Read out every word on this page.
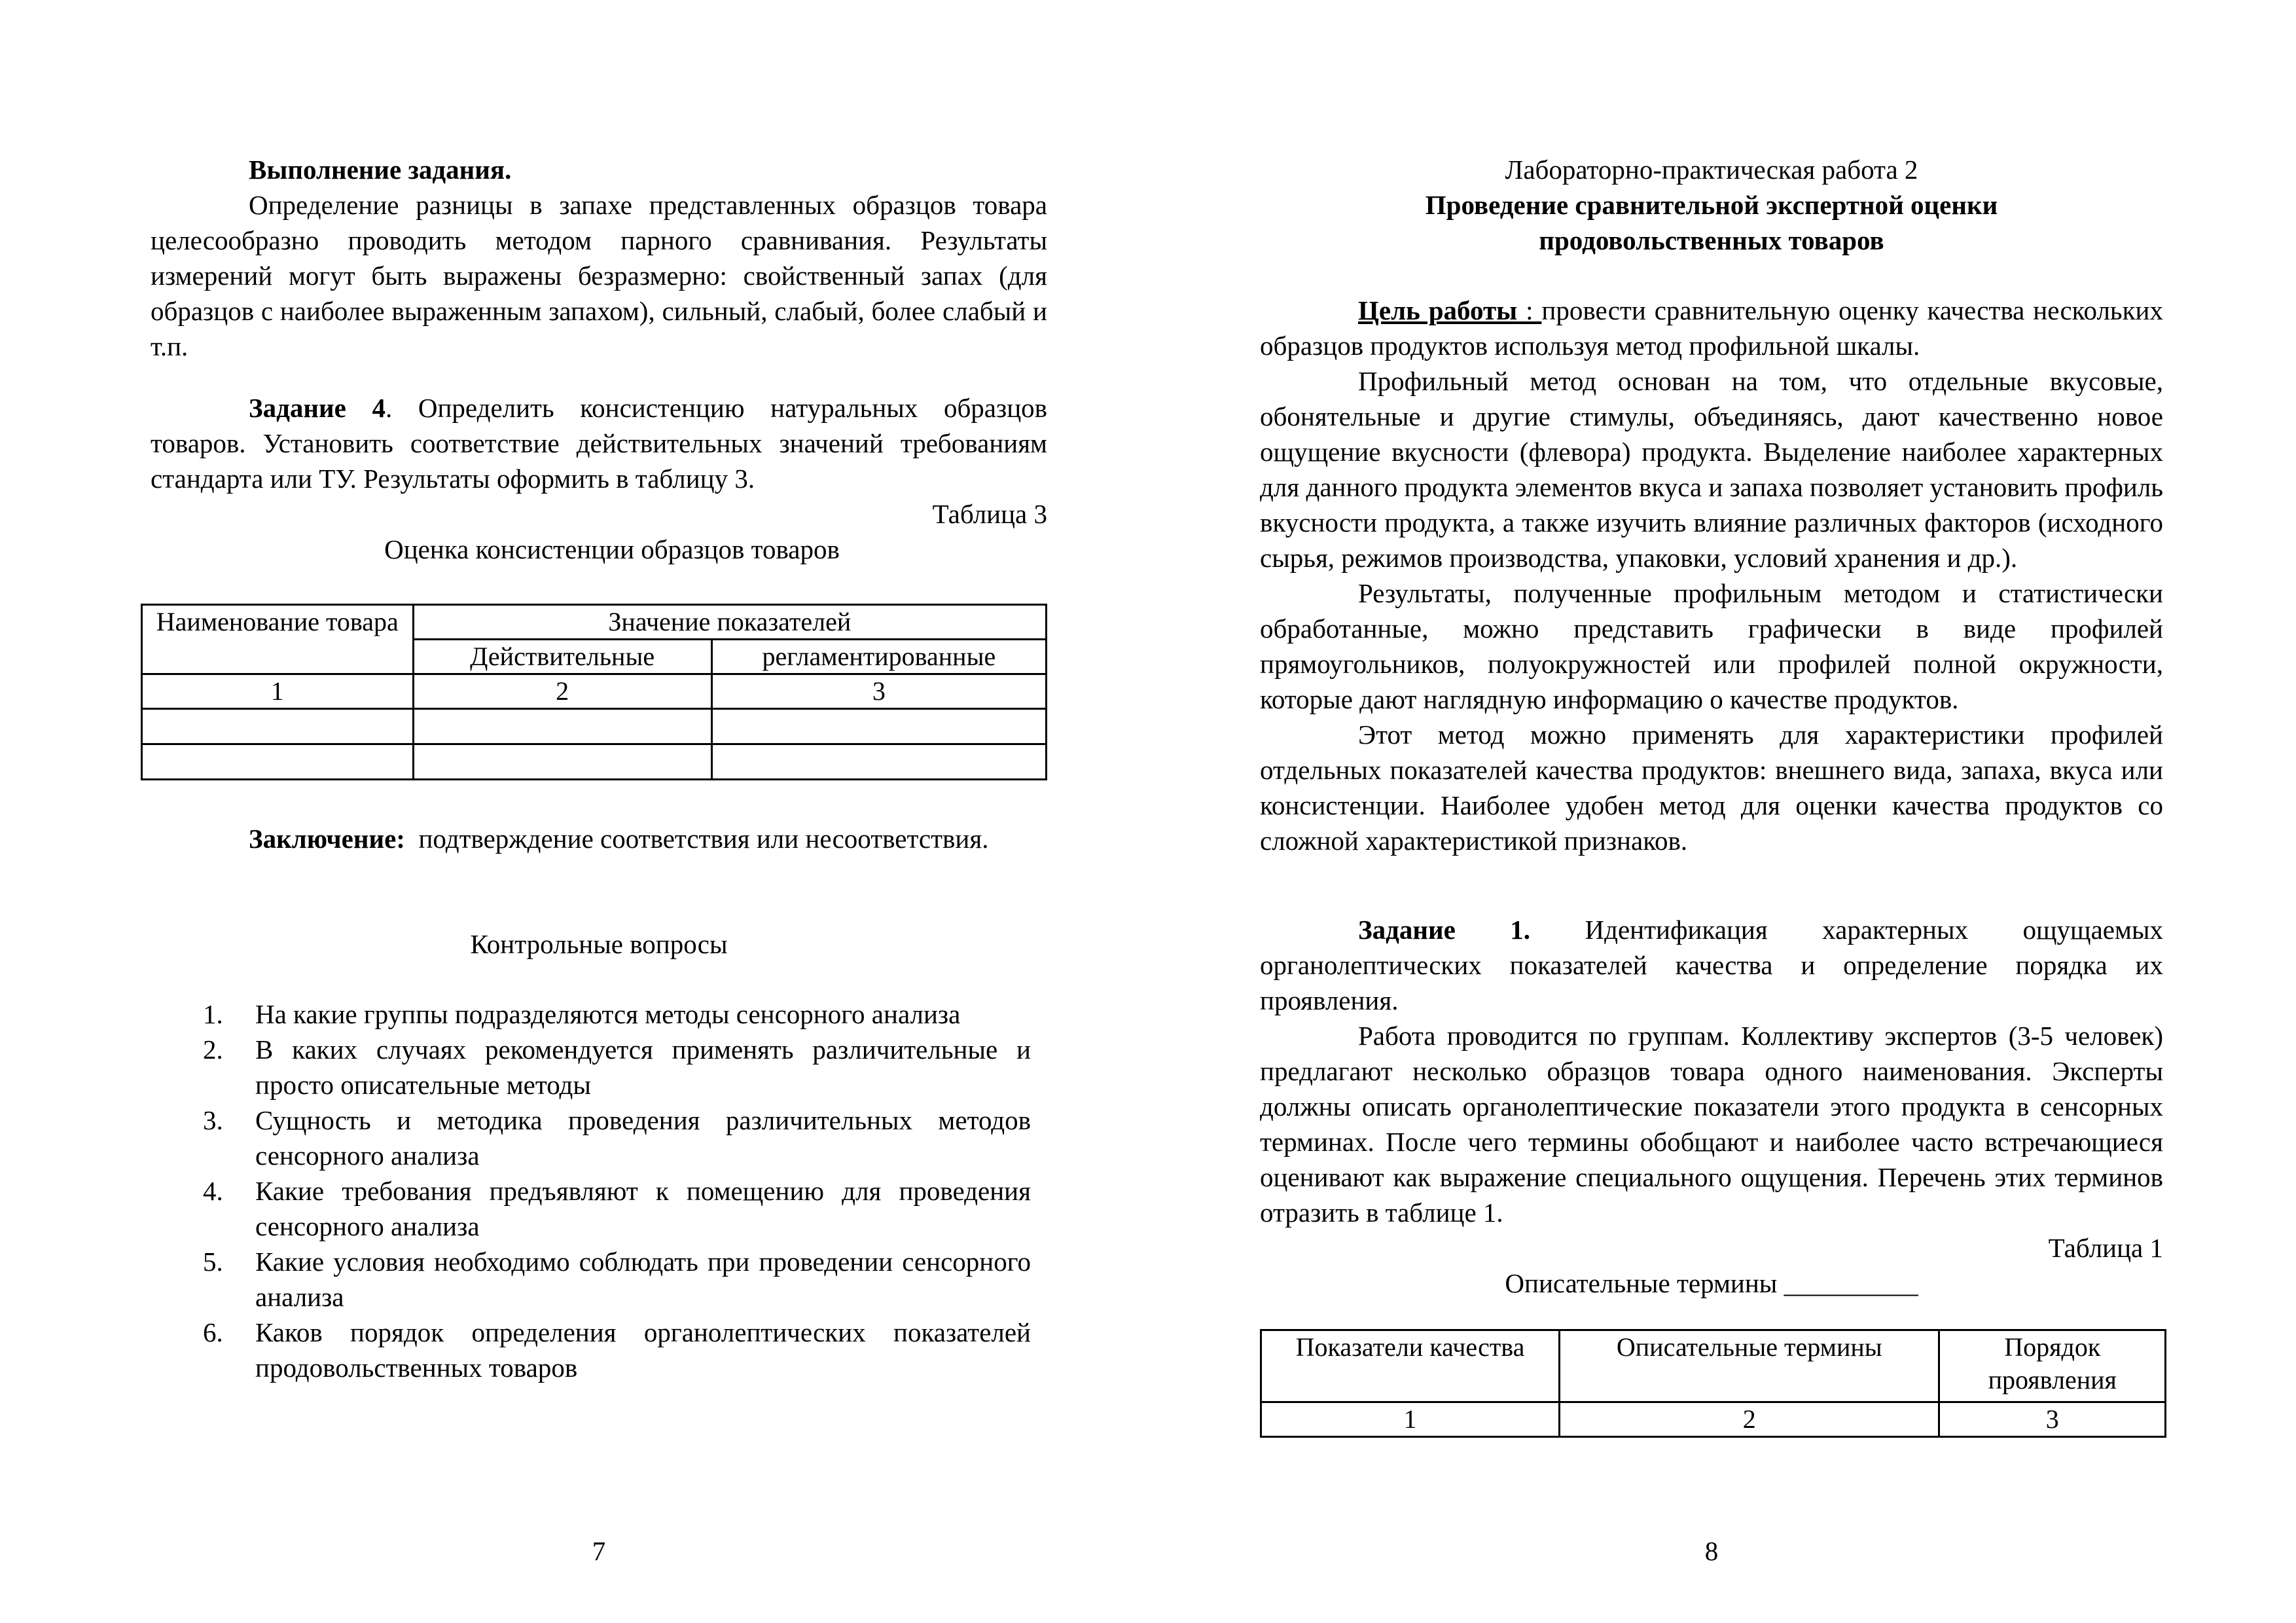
Выполнение задания.

Определение разницы в запахе представленных образцов товара целесообразно проводить методом парного сравнивания. Результаты измерений могут быть выражены безразмерно: свойственный запах (для образцов с наиболее выраженным запахом), сильный, слабый, более слабый и т.п.

Задание 4. Определить консистенцию натуральных образцов товаров. Установить соответствие действительных значений требованиям стандарта или ТУ. Результаты оформить в таблицу 3.

Таблица 3

Оценка консистенции образцов товаров

Наименование товара	Значение показателей	
	Действительные	регламентированные
1	2	3

Заключение: подтверждение соответствия или несоответствия.

Контрольные вопросы

1. На какие группы подразделяются методы сенсорного анализа
2. В каких случаях рекомендуется применять различительные и просто описательные методы
3. Сущность и методика проведения различительных методов сенсорного анализа
4. Какие требования предъявляют к помещению для проведения сенсорного анализа
5. Какие условия необходимо соблюдать при проведении сенсорного анализа
6. Каков порядок определения органолептических показателей продовольственных товаров
7

Лабораторно-практическая работа 2

Проведение сравнительной экспертной оценки

продовольственных товаров

Цель работы : провести сравнительную оценку качества нескольких образцов продуктов используя метод профильной шкалы.

Профильный метод основан на том, что отдельные вкусовые, обонятельные и другие стимулы, объединяясь, дают качественно новое ощущение вкусности (флевора) продукта. Выделение наиболее характерных для данного продукта элементов вкуса и запаха позволяет установить профиль вкусности продукта, а также изучить влияние различных факторов (исходного сырья, режимов производства, упаковки, условий хранения и др.).

Результаты, полученные профильным методом и статистически обработанные, можно представить графически в виде профилей прямоугольников, полуокружностей или профилей полной окружности, которые дают наглядную информацию о качестве продуктов.

Этот метод можно применять для характеристики профилей отдельных показателей качества продуктов: внешнего вида, запаха, вкуса или консистенции. Наиболее удобен метод для оценки качества продуктов со сложной характеристикой признаков.

Задание 1. Идентификация характерных ощущаемых органолептических показателей качества и определение порядка их проявления.

Работа проводится по группам. Коллективу экспертов (3-5 человек) предлагают несколько образцов товара одного наименования. Эксперты должны описать органолептические показатели этого продукта в сенсорных терминах. После чего термины обобщают и наиболее часто встречающиеся оценивают как выражение специального ощущения. Перечень этих терминов отразить в таблице 1.

Таблица 1

Описательные термины __________

Показатели качества	Описательные термины	Порядок проявления
1	2	3
8
